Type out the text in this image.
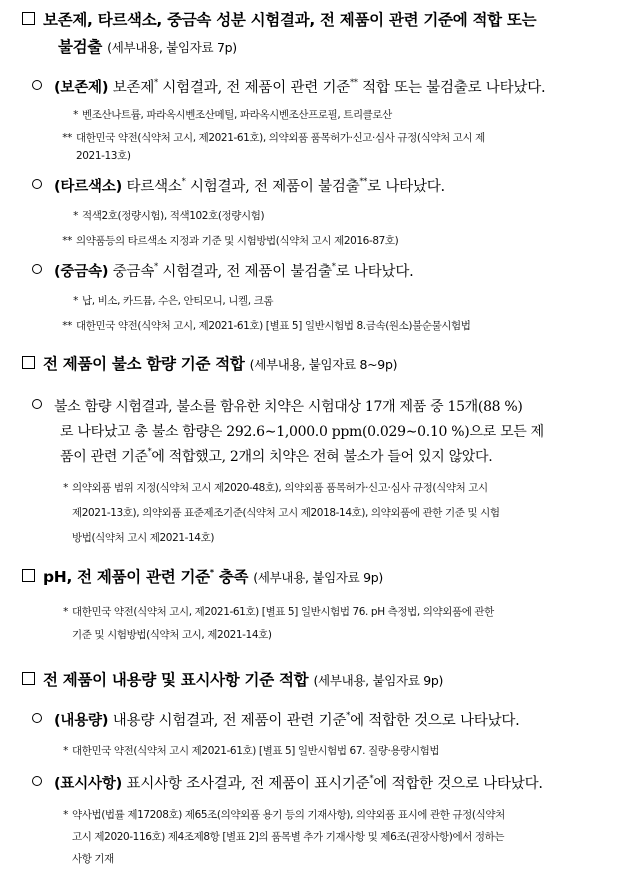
보존제, 타르색소, 중금속 성분 시험결과, 전 제품이 관련 기준에 적합 또는
불검출 (세부내용, 붙임자료 7p)
(보존제) 보존제* 시험결과, 전 제품이 관련 기준** 적합 또는 불검출로 나타났다.
* 벤조산나트륨, 파라옥시벤조산메틸, 파라옥시벤조산프로필, 트리클로산
** 대한민국 약전(식약처 고시, 제2021-61호), 의약외품 품목허가·신고·심사 규정(식약처 고시 제
2021-13호)
(타르색소) 타르색소* 시험결과, 전 제품이 불검출**로 나타났다.
* 적색2호(정량시험), 적색102호(정량시험)
** 의약품등의 타르색소 지정과 기준 및 시험방법(식약처 고시 제2016-87호)
(중금속) 중금속* 시험결과, 전 제품이 불검출*로 나타났다.
* 납, 비소, 카드뮴, 수은, 안티모니, 니켈, 크롬
** 대한민국 약전(식약처 고시, 제2021-61호) [별표 5] 일반시험법 8.금속(원소)불순물시험법
전 제품이 불소 함량 기준 적합 (세부내용, 붙임자료 8~9p)
불소 함량 시험결과, 불소를 함유한 치약은 시험대상 17개 제품 중 15개(88 %)
로 나타났고 총 불소 함량은 292.6∼1,000.0 ppm(0.029∼0.10 %)으로 모든 제
품이 관련 기준*에 적합했고, 2개의 치약은 전혀 불소가 들어 있지 않았다.
* 의약외품 범위 지정(식약처 고시 제2020-48호), 의약외품 품목허가·신고·심사 규정(식약처 고시
제2021-13호), 의약외품 표준제조기준(식약처 고시 제2018-14호), 의약외품에 관한 기준 및 시험
방법(식약처 고시 제2021-14호)
pH, 전 제품이 관련 기준* 충족 (세부내용, 붙임자료 9p)
* 대한민국 약전(식약처 고시, 제2021-61호) [별표 5] 일반시험법 76. pH 측정법, 의약외품에 관한
기준 및 시험방법(식약처 고시, 제2021-14호)
전 제품이 내용량 및 표시사항 기준 적합 (세부내용, 붙임자료 9p)
(내용량) 내용량 시험결과, 전 제품이 관련 기준*에 적합한 것으로 나타났다.
* 대한민국 약전(식약처 고시 제2021-61호) [별표 5] 일반시험법 67. 질량·용량시험법
(표시사항) 표시사항 조사결과, 전 제품이 표시기준*에 적합한 것으로 나타났다.
* 약사법(법률 제17208호) 제65조(의약외품 용기 등의 기재사항), 의약외품 표시에 관한 규정(식약처
고시 제2020-116호) 제4조제8항 [별표 2]의 품목별 추가 기재사항 및 제6조(권장사항)에서 정하는
사항 기재
